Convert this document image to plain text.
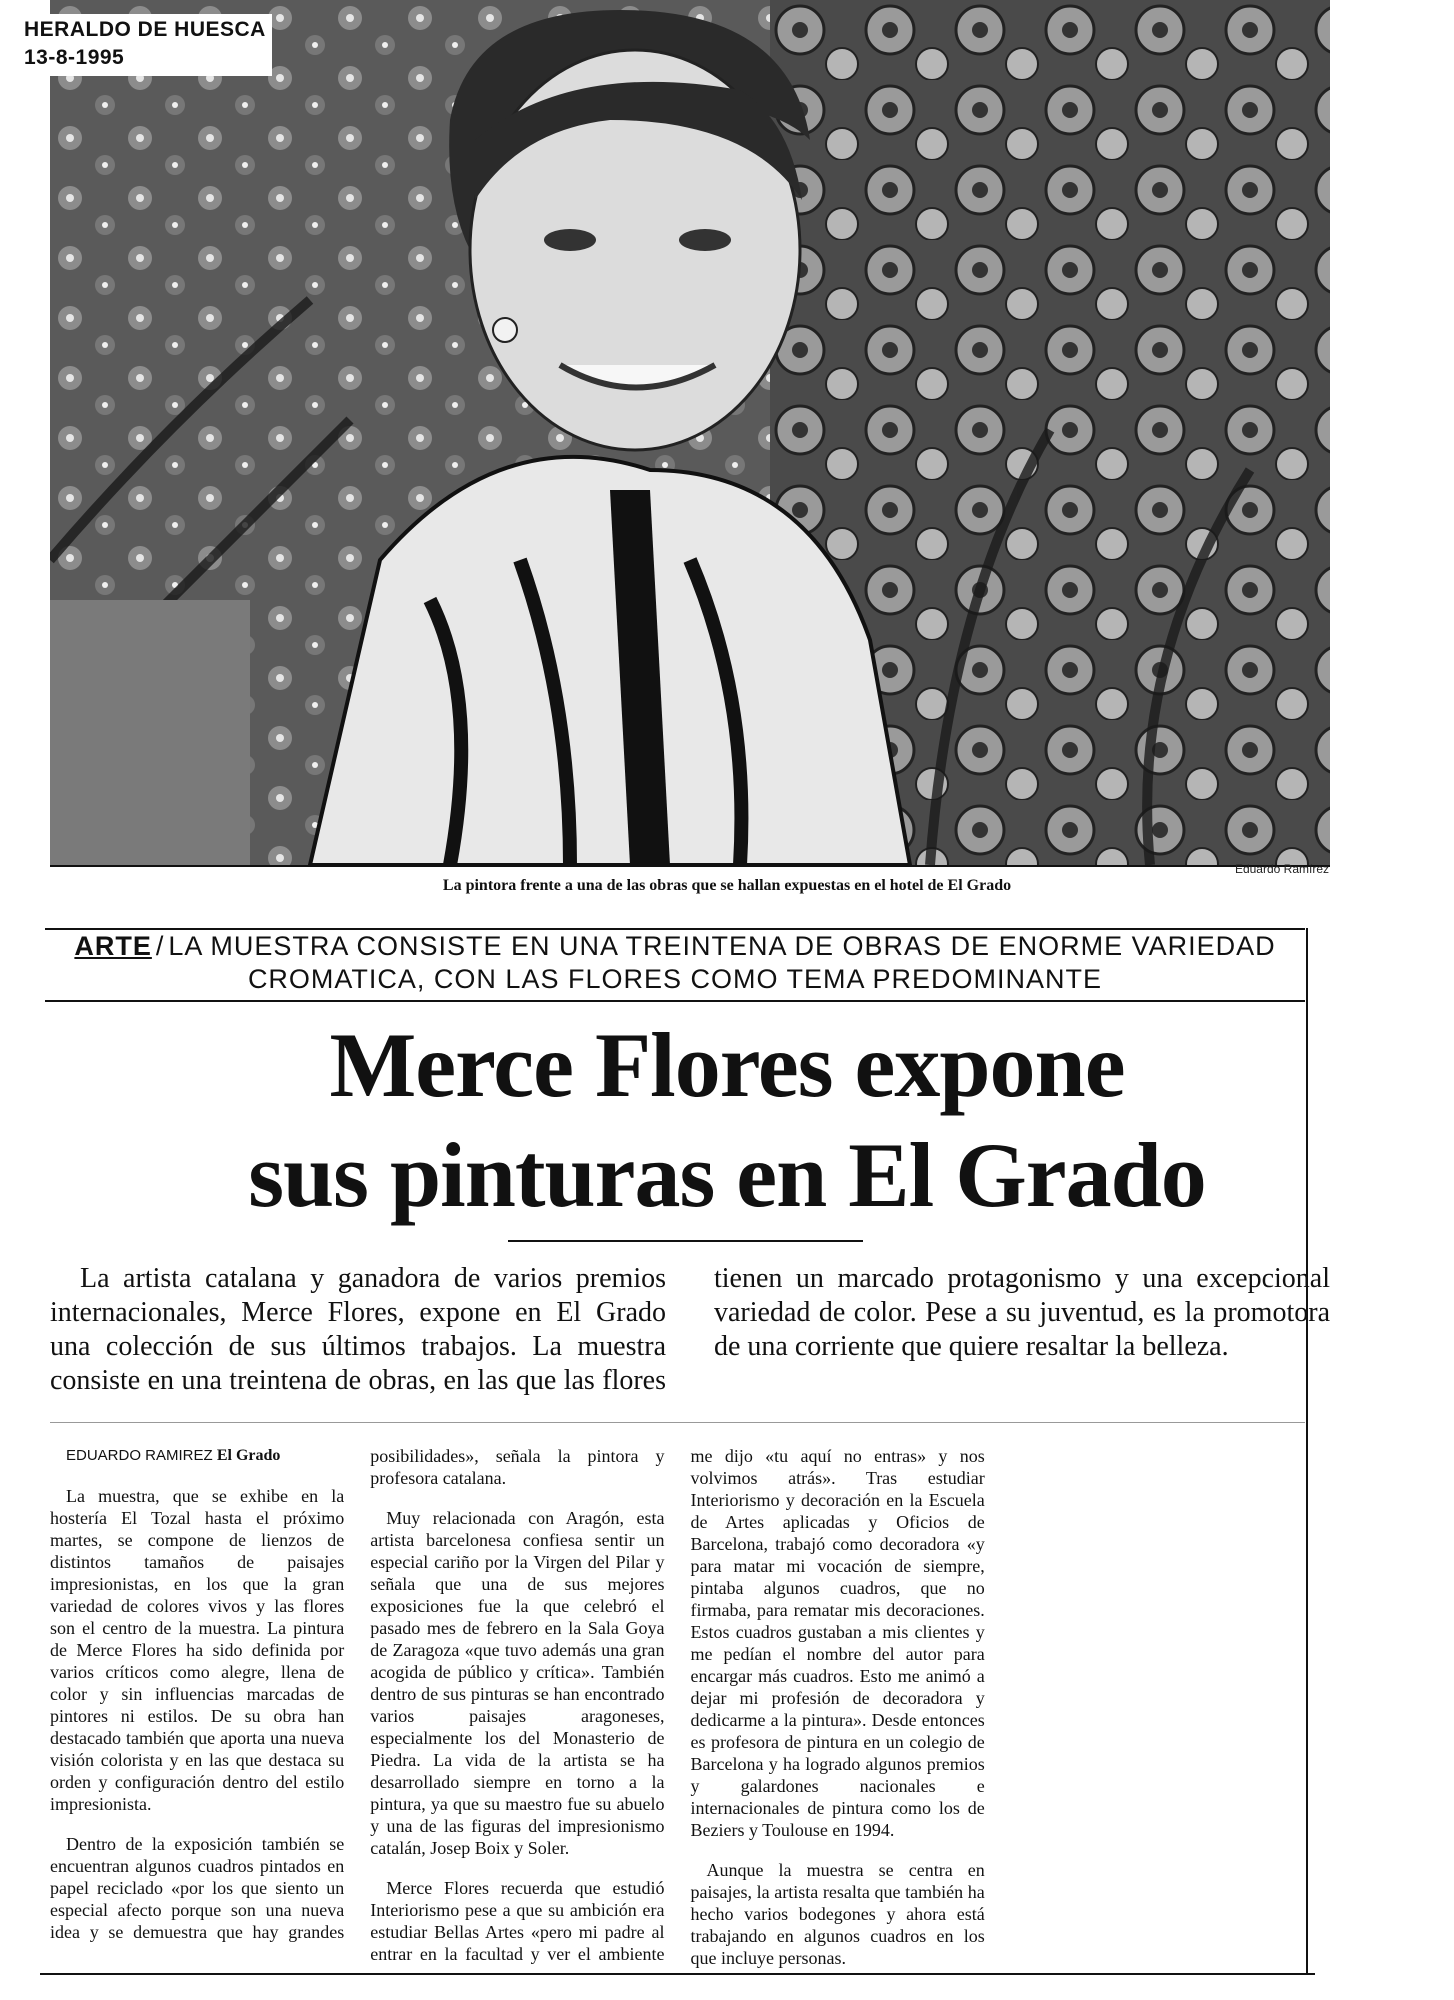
HERALDO DE HUESCA
13-8-1995
Eduardo Ramírez
La pintora frente a una de las obras que se hallan expuestas en el hotel de El Grado
ARTE / LA MUESTRA CONSISTE EN UNA TREINTENA DE OBRAS DE ENORME VARIEDAD CROMATICA, CON LAS FLORES COMO TEMA PREDOMINANTE
Merce Flores expone
sus pinturas en El Grado

La artista catalana y ganadora de varios premios internacionales, Merce Flores, expone en El Grado una colección de sus últimos trabajos. La muestra consiste en una treintena de obras, en las que las flores tienen un marcado protagonismo y una excepcional variedad de color. Pese a su juventud, es la promotora de una corriente que quiere resaltar la belleza.

EDUARDO RAMIREZ El Grado

La muestra, que se exhibe en la hostería El Tozal hasta el próximo martes, se compone de lienzos de distintos tamaños de paisajes impresionistas, en los que la gran variedad de colores vivos y las flores son el centro de la muestra. La pintura de Merce Flores ha sido definida por varios críticos como alegre, llena de color y sin influencias marcadas de pintores ni estilos. De su obra han destacado también que aporta una nueva visión colorista y en las que destaca su orden y configuración dentro del estilo impresionista.

Dentro de la exposición también se encuentran algunos cuadros pintados en papel reciclado «por los que siento un especial afecto porque son una nueva idea y se demuestra que hay grandes posibilidades», señala la pintora y profesora catalana.

Muy relacionada con Aragón, esta artista barcelonesa confiesa sentir un especial cariño por la Virgen del Pilar y señala que una de sus mejores exposiciones fue la que celebró el pasado mes de febrero en la Sala Goya de Zaragoza «que tuvo además una gran acogida de público y crítica». También dentro de sus pinturas se han encontrado varios paisajes aragoneses, especialmente los del Monasterio de Piedra. La vida de la artista se ha desarrollado siempre en torno a la pintura, ya que su maestro fue su abuelo y una de las figuras del impresionismo catalán, Josep Boix y Soler.

Merce Flores recuerda que estudió Interiorismo pese a que su ambición era estudiar Bellas Artes «pero mi padre al entrar en la facultad y ver el ambiente me dijo «tu aquí no entras» y nos volvimos atrás». Tras estudiar Interiorismo y decoración en la Escuela de Artes aplicadas y Oficios de Barcelona, trabajó como decoradora «y para matar mi vocación de siempre, pintaba algunos cuadros, que no firmaba, para rematar mis decoraciones. Estos cuadros gustaban a mis clientes y me pedían el nombre del autor para encargar más cuadros. Esto me animó a dejar mi profesión de decoradora y dedicarme a la pintura». Desde entonces es profesora de pintura en un colegio de Barcelona y ha logrado algunos premios y galardones nacionales e internacionales de pintura como los de Beziers y Toulouse en 1994.

Aunque la muestra se centra en paisajes, la artista resalta que también ha hecho varios bodegones y ahora está trabajando en algunos cuadros en los que incluye personas.
